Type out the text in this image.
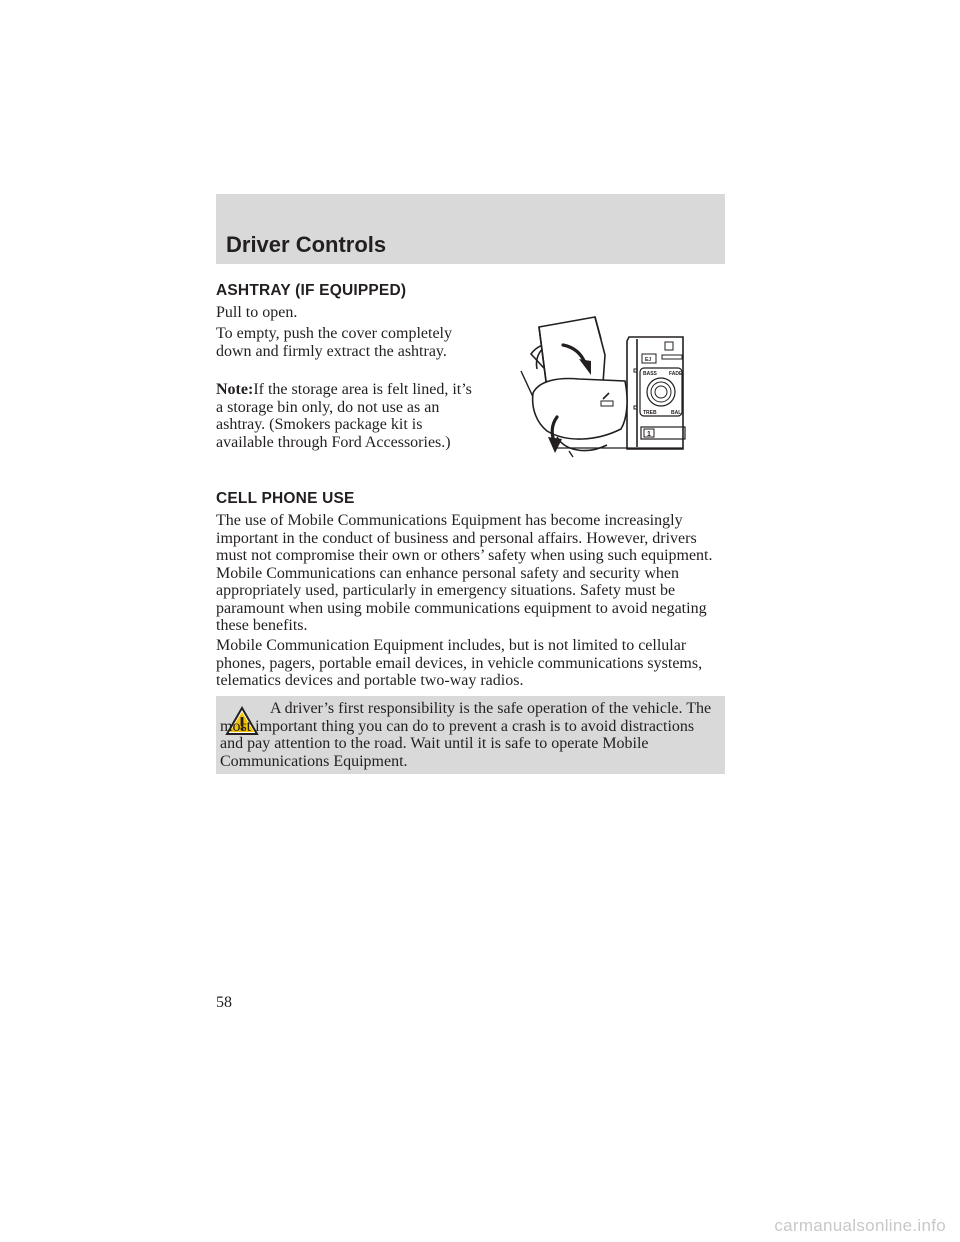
Driver Controls
ASHTRAY (IF EQUIPPED)

Pull to open.

To empty, push the cover completely down and firmly extract the ashtray.

Note:If the storage area is felt lined, it’s a storage bin only, do not use as an ashtray. (Smokers package kit is available through Ford Accessories.)

EJ
BASS FADE
TREB	BAL
1
CELL PHONE USE

The use of Mobile Communications Equipment has become increasingly important in the conduct of business and personal affairs. However, drivers must not compromise their own or others’ safety when using such equipment. Mobile Communications can enhance personal safety and security when appropriately used, particularly in emergency situations. Safety must be paramount when using mobile communications equipment to avoid negating these benefits.

Mobile Communication Equipment includes, but is not limited to cellular phones, pagers, portable email devices, in vehicle communications systems, telematics devices and portable two-way radios.

A driver’s first responsibility is the safe operation of the vehicle. The most important thing you can do to prevent a crash is to avoid distractions and pay attention to the road. Wait until it is safe to operate Mobile Communications Equipment.

58
carmanualsonline.info
